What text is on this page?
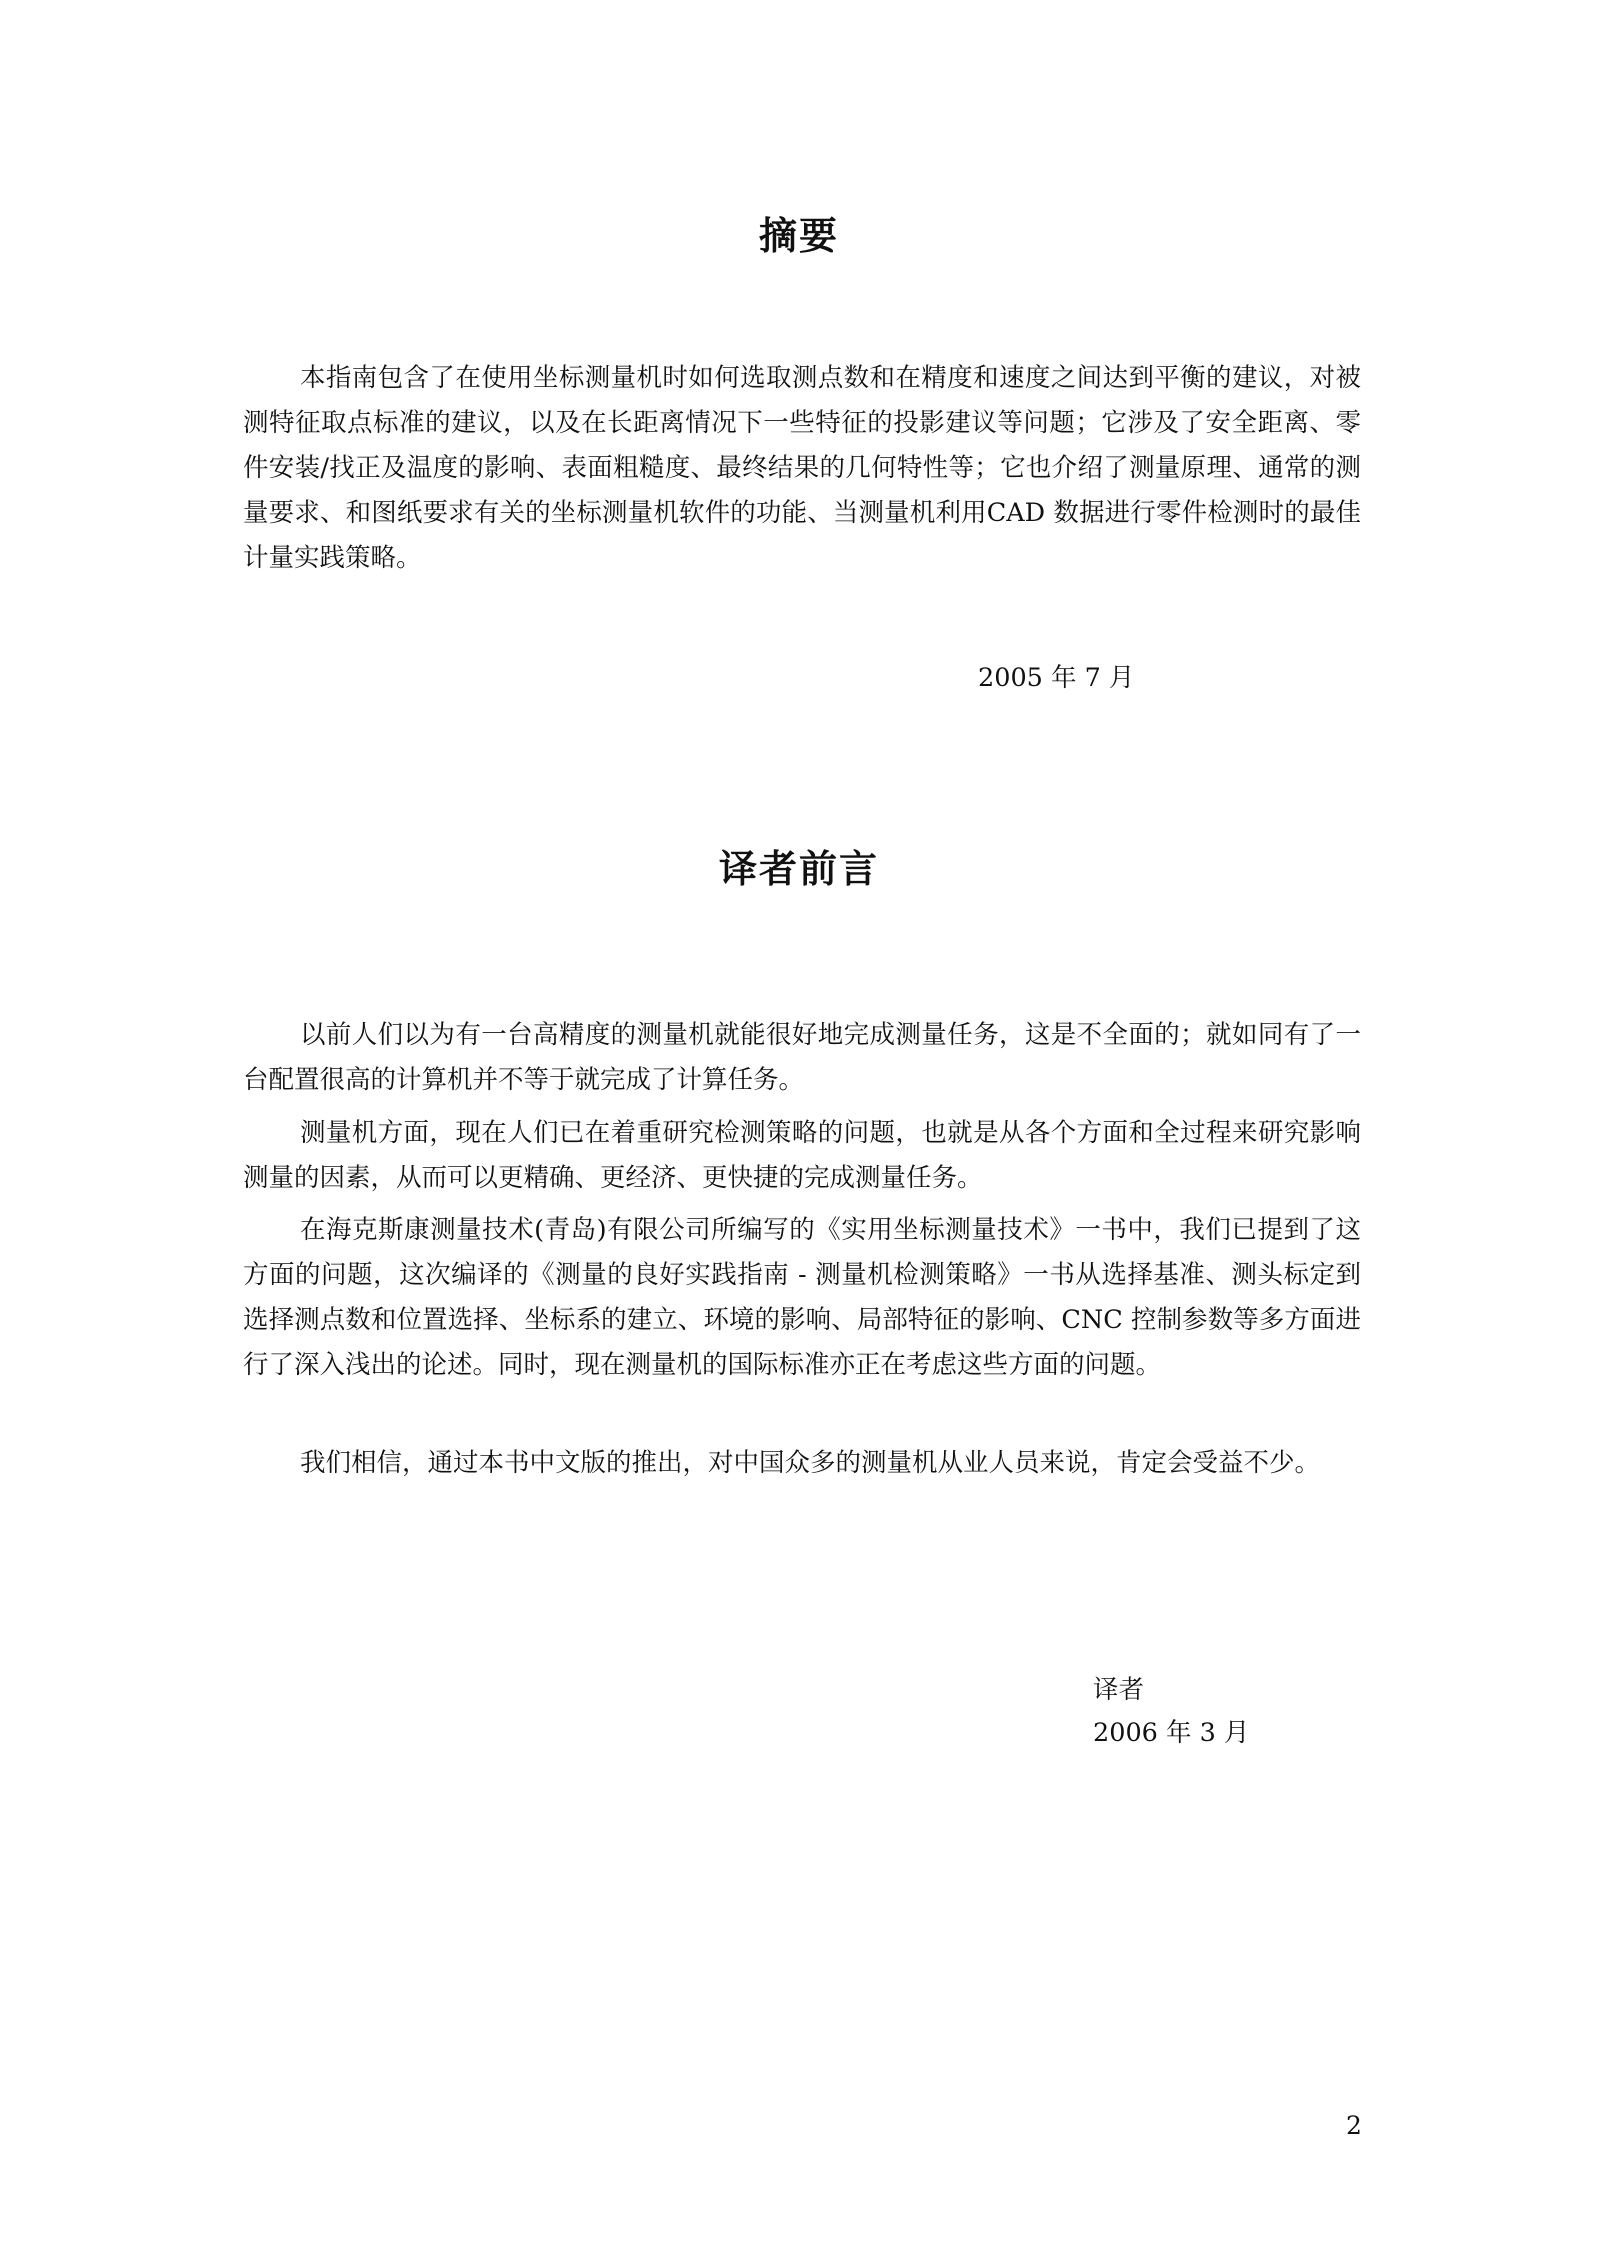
摘要

本指南包含了在使用坐标测量机时如何选取测点数和在精度和速度之间达到平衡的建议，对被测特征取点标准的建议，以及在长距离情况下一些特征的投影建议等问题；它涉及了安全距离、零件安装/找正及温度的影响、表面粗糙度、最终结果的几何特性等；它也介绍了测量原理、通常的测量要求、和图纸要求有关的坐标测量机软件的功能、当测量机利用CAD 数据进行零件检测时的最佳计量实践策略。

2005 年 7 月

译者前言

以前人们以为有一台高精度的测量机就能很好地完成测量任务，这是不全面的；就如同有了一台配置很高的计算机并不等于就完成了计算任务。

测量机方面，现在人们已在着重研究检测策略的问题，也就是从各个方面和全过程来研究影响测量的因素，从而可以更精确、更经济、更快捷的完成测量任务。

在海克斯康测量技术(青岛)有限公司所编写的《实用坐标测量技术》一书中，我们已提到了这方面的问题，这次编译的《测量的良好实践指南 - 测量机检测策略》一书从选择基准、测头标定到选择测点数和位置选择、坐标系的建立、环境的影响、局部特征的影响、CNC 控制参数等多方面进行了深入浅出的论述。同时，现在测量机的国际标准亦正在考虑这些方面的问题。

我们相信，通过本书中文版的推出，对中国众多的测量机从业人员来说，肯定会受益不少。

译者

2006 年 3 月

2
